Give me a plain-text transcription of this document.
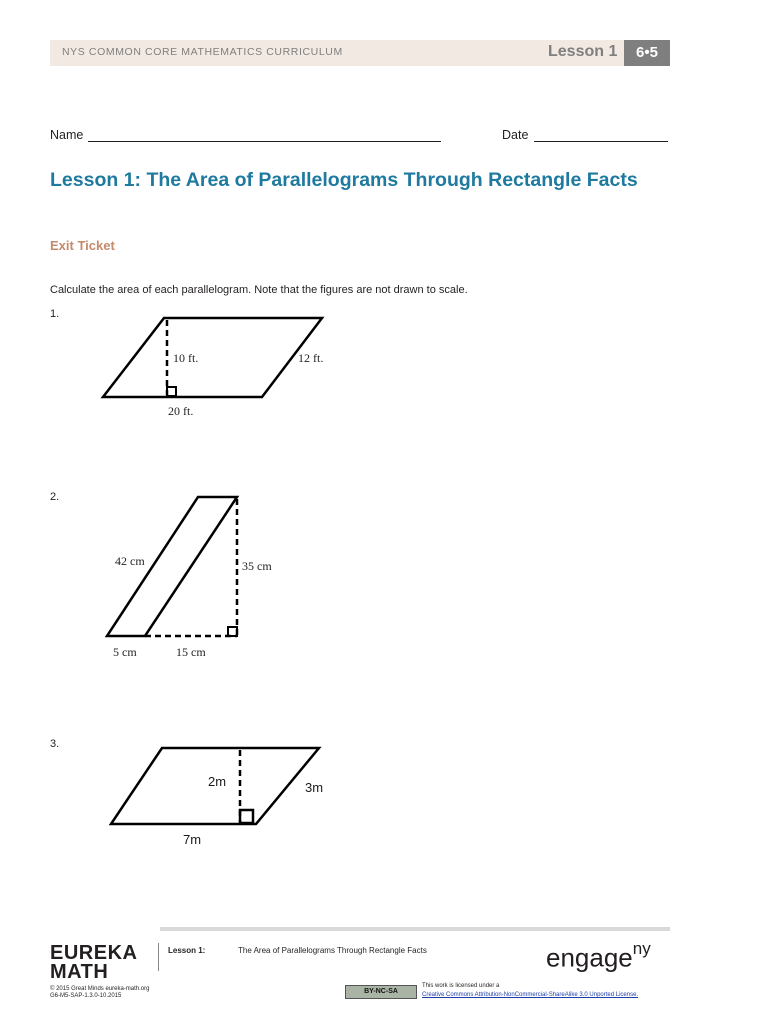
NYS COMMON CORE MATHEMATICS CURRICULUM	Lesson 1	6•5
Name	Date
Lesson 1: The Area of Parallelograms Through Rectangle Facts
Exit Ticket
Calculate the area of each parallelogram. Note that the figures are not drawn to scale.
1.
10 ft.	12 ft.
20 ft.
2.
42 cm	35 cm
5 cm	15 cm
3.
2m	3m
7m
EUREKA
MATH
© 2015 Great Minds eureka-math.org
G6-M5-SAP-1.3.0-10.2015
Lesson 1:	The Area of Parallelograms Through Rectangle Facts	engage$^{ny}$
BY-NC-SA
This work is licensed under a
Creative Commons Attribution-NonCommercial-ShareAlike 3.0 Unported License.
